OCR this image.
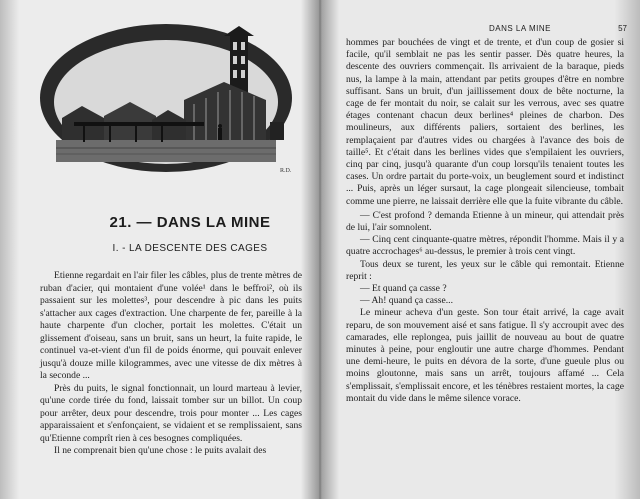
R.D.
21. — DANS LA MINE
I. - LA DESCENTE DES CAGES

Etienne regardait en l'air filer les câbles, plus de trente mètres de ruban d'acier, qui montaient d'une volée¹ dans le beffroi², où ils passaient sur les molettes³, pour descendre à pic dans les puits s'attacher aux cages d'extraction. Une charpente de fer, pareille à la haute charpente d'un clocher, portait les molettes. C'était un glissement d'oiseau, sans un bruit, sans un heurt, la fuite rapide, le continuel va-et-vient d'un fil de poids énorme, qui pouvait enlever jusqu'à douze mille kilogrammes, avec une vitesse de dix mètres à la seconde ...

Près du puits, le signal fonctionnait, un lourd marteau à levier, qu'une corde tirée du fond, laissait tomber sur un billot. Un coup pour arrêter, deux pour descendre, trois pour monter ... Les cages apparaissaient et s'enfonçaient, se vidaient et se remplissaient, sans qu'Etienne comprît rien à ces besognes compliquées.

Il ne comprenait bien qu'une chose : le puits avalait des

DANS LA MINE	57

hommes par bouchées de vingt et de trente, et d'un coup de gosier si facile, qu'il semblait ne pas les sentir passer. Dès quatre heures, la descente des ouvriers commençait. Ils arrivaient de la baraque, pieds nus, la lampe à la main, attendant par petits groupes d'être en nombre suffisant. Sans un bruit, d'un jaillissement doux de bête nocturne, la cage de fer montait du noir, se calait sur les verrous, avec ses quatre étages contenant chacun deux berlines⁴ pleines de charbon. Des moulineurs, aux différents paliers, sortaient des berlines, les remplaçaient par d'autres vides ou chargées à l'avance des bois de taille⁵. Et c'était dans les berlines vides que s'empilaient les ouvriers, cinq par cinq, jusqu'à quarante d'un coup lorsqu'ils tenaient toutes les cases. Un ordre partait du porte-voix, un beuglement sourd et indistinct ... Puis, après un léger sursaut, la cage plongeait silencieuse, tombait comme une pierre, ne laissait derrière elle que la fuite vibrante du câble.

— C'est profond ? demanda Etienne à un mineur, qui attendait près de lui, l'air somnolent.

— Cinq cent cinquante-quatre mètres, répondit l'homme. Mais il y a quatre accrochages⁶ au-dessus, le premier à trois cent vingt.

Tous deux se turent, les yeux sur le câble qui remontait. Etienne reprit :

— Et quand ça casse ?

— Ah! quand ça casse...

Le mineur acheva d'un geste. Son tour était arrivé, la cage avait reparu, de son mouvement aisé et sans fatigue. Il s'y accroupit avec des camarades, elle replongea, puis jaillit de nouveau au bout de quatre minutes à peine, pour engloutir une autre charge d'hommes. Pendant une demi-heure, le puits en dévora de la sorte, d'une gueule plus ou moins gloutonne, mais sans un arrêt, toujours affamé ... Cela s'emplissait, s'emplissait encore, et les ténèbres restaient mortes, la cage montait du vide dans le même silence vorace.
